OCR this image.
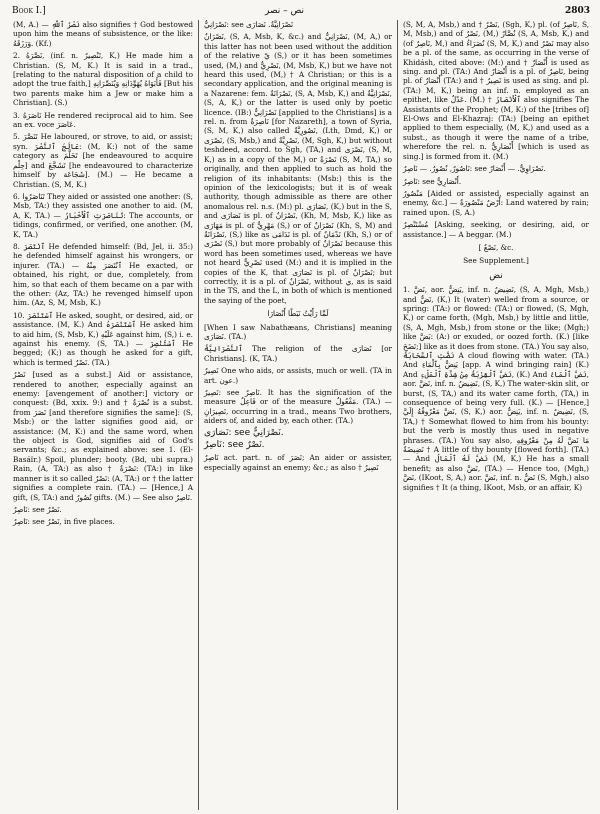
Book I.]	نص – نصر	2803

(M, A.) — نَصْرُ ٱللّٰهِ also signifies † God bestowed upon him the means of subsistence, or the like: وَرَزَقَهُ. (Kf.)

2. نَصَّرَهُ, (inf. n. تَنْصِيرٌ, K,) He made him a Christian. (S, M, K.) It is said in a trad., [relating to the natural disposition of a child to adopt the true faith,] فَأَبَوَاهُ يُهَوِّدَانِهِ وَيُنَصِّرَانِهِ [But his two parents make him a Jew or make him a Christian]. (S.)

3. نَاصَرَهُ He rendered reciprocal aid to him. See an ex. voce عَاصَرَ.

5. تَنَصَّرَ He laboured, or strove, to aid, or assist; syn. عَالَجَ ٱلنَّصْرَ: (M, K:) not of the same category as تَحَلَّمَ [he endeavoured to acquire حِلْم] and تَشَجَّعَ [he endeavoured to characterize himself by شَجَاعَة]. (M.) — He became a Christian. (S, M, K.)

6. تَنَاصَرُوا They aided or assisted one another: (S, Msb, TA:) they assisted one another to aid. (M, A, K, TA.) — تَنَاصَرَتِ ٱلْأَخْبَارُ: The accounts, or tidings, confirmed, or verified, one another. (M, K, TA.)

8. ٱنْتَصَرَ He defended himself: (Bd, Jel, ii. 35:) he defended himself against his wrongers, or injurer. (TA.) — ٱنْتَصَرَ مِنْهُ He exacted, or obtained, his right, or due, completely, from him, so that each of them became on a par with the other: (Az, TA:) he revenged himself upon him. (Az, S, M, Msb, K.)

10. ٱسْتَنْصَرَ He asked, sought, or desired, aid, or assistance. (M, K.) And ٱسْتَنْصَرَهُ He asked him to aid him, (S, Msb, K,) عَلَيْهِ against him, (S,) i. e. against his enemy. (S, TA.) — ٱسْتُنْصِرَ He begged; (K;) as though he asked for a gift, which is termed نَصْرٌ. (TA.)

نَصْرٌ [used as a subst.] Aid or assistance, rendered to another, especially against an enemy: [avengement of another:] victory or conquest: (Bd, xxix. 9:) and † نُصْرَةٌ is a subst. from نَصَرَ [and therefore signifies the same]: (S, Msb:) or the latter signifies good aid, or assistance: (M, K:) and the same word, when the object is God, signifies aid of God's servants; &c.; as explained above: see 1. (El-Basáïr.) Spoil, plunder; booty. (Bd, ubi supra.) Rain, (A, TA:) as also † نَصْرَةٌ: (TA:) in like manner is it so called نَصْرٌ: (A, TA:) or † the latter signifies a complete rain. (TA.) — [Hence,] A gift, (S, TA:) and نُصُورٌ gifts. (M.) — See also نَاصِرٌ.

نَاصِرٌ: see نَصْرٌ.

نَاصِرٌ: see نَصْرٌ, in five places.

نَصْرَانِيٌّ: see نَصْرَانِيَّةٌ. نَصَارَى

نَصْرَانٌ, (S, A, Msb, K, &c.) and نَصْرَانِيٌّ, (M, A,) or this latter has not been used without the addition of the relative يّ (S,) or it has been sometimes used, (M,) and نَصْرِيٌّ, (M, Msb, K,) but we have not heard this used, (M,) † A Christian; or this is a secondary application, and the original meaning is a Nazarene: fem. نَصْرَانَةٌ, (S, A, Msb, K,) and نَصْرَانِيَّةٌ, (S, A, K,) or the latter is used only by poetic licence. (IB:) نَصْرَانِيٌّ [applied to the Christians] is a rel. n. from نَاصِرَةُ [for Nazareth], a town of Syria, (S, M, K,) also called نَصُورِيَّةٌ, (Lth, Dmd, K,) or نَصْرَى, (S, Msb,) and نَصْرِيَّةٌ, (M, Sgh, K,) but without teshdeed, accord. to Sgh, (TA,) and نَصْرَى, (S, M, K,) as in a copy of the M,) or نَصْرَةٌ (S, M, TA,) so originally, and then applied to such as hold the religion of its inhabitants: (Msb:) this is the opinion of the lexicologists; but it is of weak authority, though admissible as there are other anomalous rel. n.s. (M:) pl. نَصَارَى, (K,) but in the S, and نَصَارَى is pl. of نَصْرَانٌ, (Kh, M, Msb, K,) like as مَهَارَى is pl. of مَهْرِيٌّ (S,) or of نَصْرَانٌ (Kh, S, M) and نَصْرَانَةٌ, (S,) like as نَدَامَى is pl. of نَدْمَانٌ (Kh, S,) or of نَصْرَى (S,) but more probably of نَصْرَانٌ because this word has been sometimes used, whereas we have not heard نَصْرِيٌّ used (M:) and it is implied in the copies of the K, that نَصَارَى is pl. of نَصْرَانٌ; but correctly, it is a pl. of نَصْرَانٌ, without ي, as is said in the TS, and the L, in both of which is mentioned the saying of the poet,

لَمَّا رَأَيْتُ نَبَطًا أَنْصَارَا

[When I saw Nabathæans, Christians] meaning نَصَارَى. (TA.)

ٱلنَّصْرَانِيَّةُ The religion of the نَصَارَى [or Christians]. (K, TA.)

نَصِيرٌ One who aids, or assists, much or well. (TA in art. عون.)

نَصِيرٌ: see نَاصِرٌ. It has the signification of the measure فَاعِلٌ or of the measure مَفْعُولٌ. (TA.) — نَصِيرَانِ, occurring in a trad., means Two brothers, aiders of, and aided by, each other. (TA.)

نَصَارَى: see نَصْرَانِيٌّ.

نَاصِرٌ: see نَصْرٌ.

نَاصِرٌ act. part. n. of نَصَرَ; An aider or assister, especially against an enemy; &c.; as also † نَصِيرٌ

(S, M, A, Msb,) and † نَصْرٌ, (Sgh, K,) pl. (of نَاصِرٌ, S, M, Msb,) and of نَصْرٌ, (M,) نُصَّارٌ (S, A, Msb, K,) and (of نَاصِرٌ, M,) and نُصَرَاءُ (S, M, K,) and نَصْرٌ may also be a pl. of the same, as occurring in the verse of Khidásh, cited above: (M:) and † أَنْصَارٌ is used as sing. and pl. (TA:) And أَنْصَارٌ is a pl. of نَاصِرٌ, being pl. of أَنْصَارٌ (TA:) and † نَصِيرٌ is used as sing. and pl. (TA:) M, K,) being an inf. n. employed as an epithet, like عَدْلٌ. (M.) † ٱلْأَنْصَارُ also signifies The Assistants of the Prophet; (M, K:) of the [tribes of] El-Ows and El-Khazraj: (TA:) [being an epithet applied to them especially, (M, K,) and used as a subst., as though it were the name of a tribe, wherefore the rel. n. أَنْصَارِيٌّ [which is used as sing.] is formed from it. (M.)

نَاصُورٌ, نُصُورٌ. — نَاصِرٌ: see نَصْرَاوِيٌّ. — أَنْصَارٌ.

نَاصِرٌ: see أَنْصَارِيٌّ.

مَنْصُورٌ [Aided or assisted, especially against an enemy, &c.] — أَرْضٌ مَنْصُورَةٌ: Land watered by rain; rained upon. (S, A.)

مُسْتَنْصِرٌ [Asking, seeking, or desiring, aid, or assistance.] — A beggar. (M.)

[ نَصْعٌ, &c.

See Supplement.]

نض

1. نَضَّ, aor. يَنِضُّ, inf. n. نَضِيضٌ, (S, A, Mgh, Msb,) and نَضٌّ, (K,) It (water) welled from a source, or spring: (TA:) or flowed: (TA:) or flowed, (S, Mgh, K,) or came forth, (Mgh, Msb,) by little and little, (S, A, Mgh, Msb,) from stone or the like; (Mgh;) like بَضَّ: (A:) or exuded, or oozed forth. (K.) [like نَضَحَ;] like as it does from stone. (TA.) You say also, نَضَّتِ ٱلسَّحَابَةُ A cloud flowing with water. (TA.) And يَنِضُّ بِٱلْمَاءِ [app. A wind bringing rain] (K.) And نَضَّ ٱلْقِرْبَةُ مِنْ شِدَّةِ ٱلْمَلْءِ, (K.) And نَضَّ ٱلْمَاءُ, aor. نَضَّ, inf. n. نَضِيضٌ, (S, K,) The water-skin slit, or burst, (S, TA,) and its water came forth, (TA,) in consequence of being very full. (K.) — [Hence,] نَضَّ مَعْرُوفُهُ إِلَيَّ, (S, K,) aor. يَنِضُّ, inf. n. نَضِيضٌ, (S, TA,) † Somewhat flowed to him from his bounty: but the verb is mostly thus used in negative phrases. (TA.) You say also, مَا نَضَّ لَهُ مِنْ مَعْرُوفِهِ نَضِيضَةٌ † A little of thy bounty [flowed forth]. (TA.) — And نَضَّ لَهُ ٱلْمَالُ (M, K,) He has a small benefit; as also نَضَّ, (TA.) — Hence too, (Mgh,) نَضَّ, (IKoot, S, A,) aor. نَضَّ, inf. n. نَضٌّ (S, Mgh,) also signifies † It (a thing, IKoot, Msb, or an affair, K)
